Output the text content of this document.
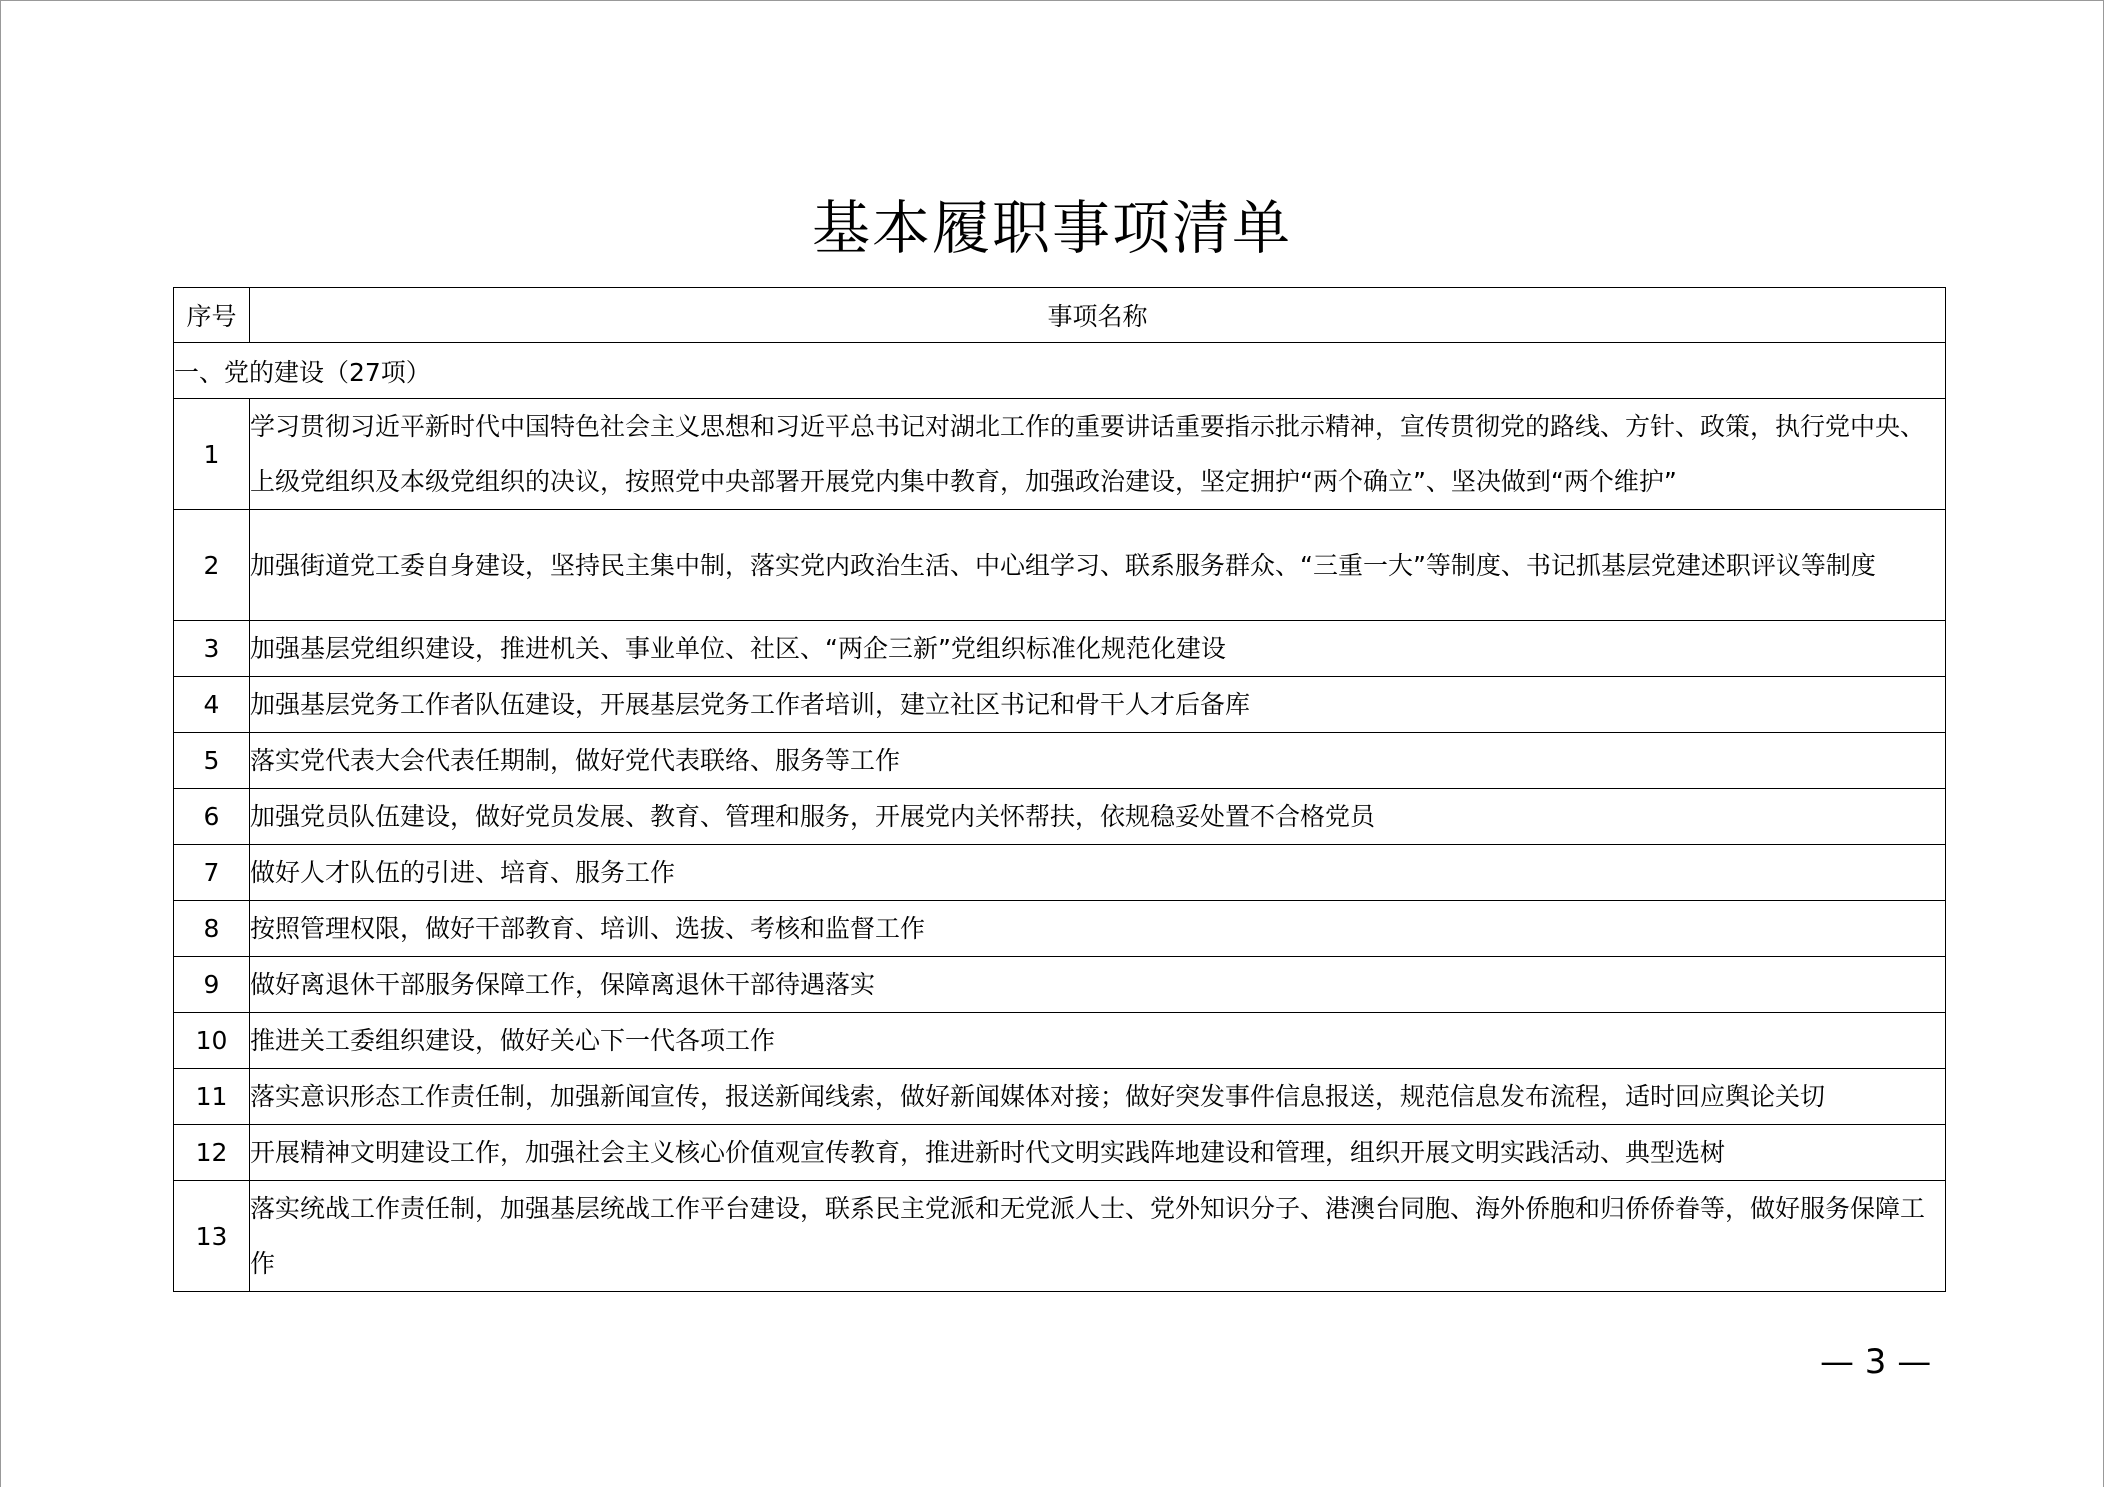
基本履职事项清单
序号	事项名称
一、党的建设（27项）	
1	学习贯彻习近平新时代中国特色社会主义思想和习近平总书记对湖北工作的重要讲话重要指示批示精神，宣传贯彻党的路线、方针、政策，执行党中央、上级党组织及本级党组织的决议，按照党中央部署开展党内集中教育，加强政治建设，坚定拥护“两个确立”、坚决做到“两个维护”
2	加强街道党工委自身建设，坚持民主集中制，落实党内政治生活、中心组学习、联系服务群众、“三重一大”等制度、书记抓基层党建述职评议等制度
3	加强基层党组织建设，推进机关、事业单位、社区、“两企三新”党组织标准化规范化建设
4	加强基层党务工作者队伍建设，开展基层党务工作者培训，建立社区书记和骨干人才后备库
5	落实党代表大会代表任期制，做好党代表联络、服务等工作
6	加强党员队伍建设，做好党员发展、教育、管理和服务，开展党内关怀帮扶，依规稳妥处置不合格党员
7	做好人才队伍的引进、培育、服务工作
8	按照管理权限，做好干部教育、培训、选拔、考核和监督工作
9	做好离退休干部服务保障工作，保障离退休干部待遇落实
10	推进关工委组织建设，做好关心下一代各项工作
11	落实意识形态工作责任制，加强新闻宣传，报送新闻线索，做好新闻媒体对接；做好突发事件信息报送，规范信息发布流程，适时回应舆论关切
12	开展精神文明建设工作，加强社会主义核心价值观宣传教育，推进新时代文明实践阵地建设和管理，组织开展文明实践活动、典型选树
13	落实统战工作责任制，加强基层统战工作平台建设，联系民主党派和无党派人士、党外知识分子、港澳台同胞、海外侨胞和归侨侨眷等，做好服务保障工作
— 3 —
